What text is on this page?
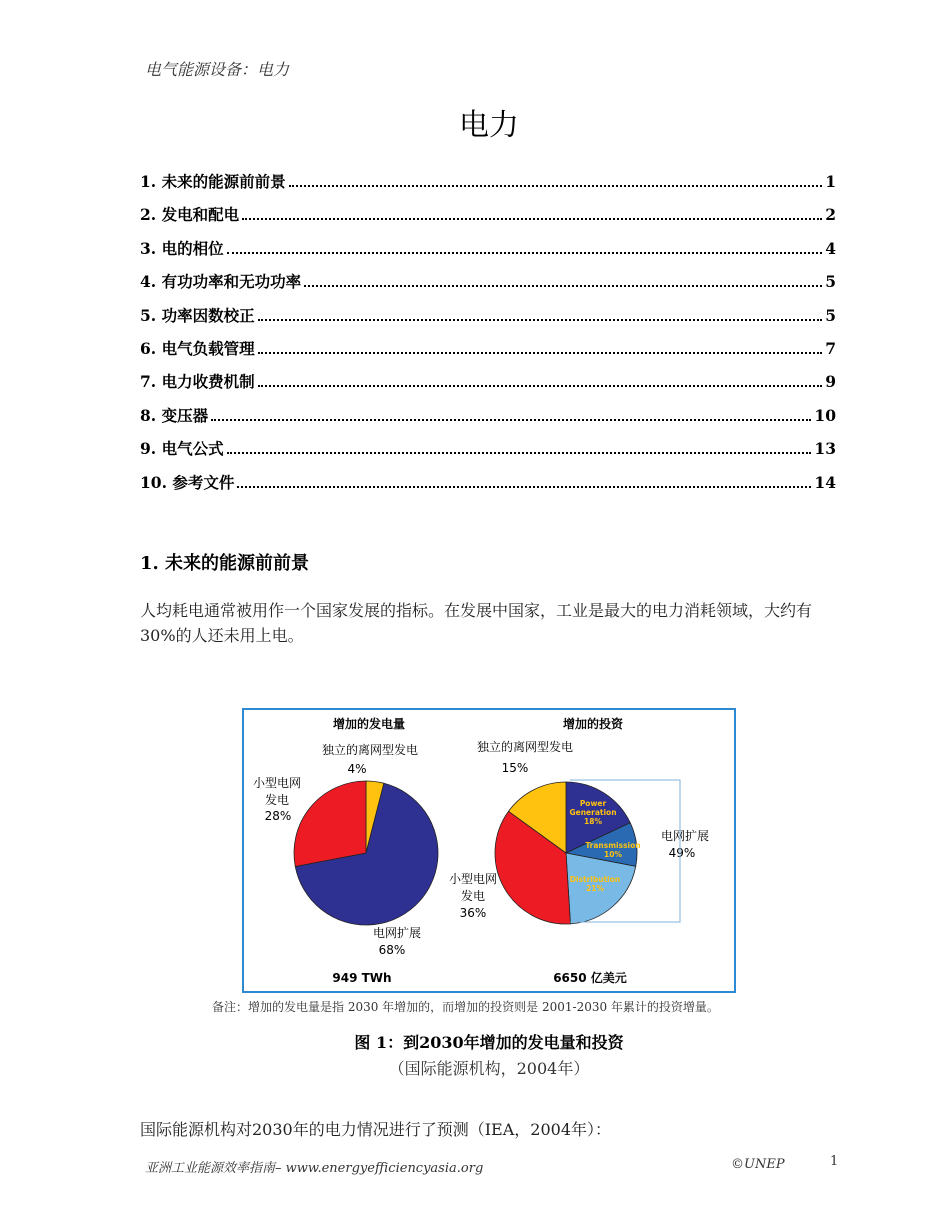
电气能源设备：电力
电力
1. 未来的能源前前景	1
2. 发电和配电	2
3. 电的相位	4
4. 有功功率和无功功率	5
5. 功率因数校正	5
6. 电气负载管理	7
7. 电力收费机制	9
8. 变压器	10
9. 电气公式	13
10. 参考文件	14
1. 未来的能源前前景
人均耗电通常被用作一个国家发展的指标。在发展中国家，工业是最大的电力消耗领域，大约有 30%的人还未用上电。
增加的发电量	增加的投资
独立的离网型发电
4%
小型电网
发电
28%
电网扩展
68%
独立的离网型发电
15%
小型电网
发电
36%
电网扩展
49%
949 TWh	6650 亿美元
Power
Generation
18%
Transmission
10%
Distribution
21%
备注：增加的发电量是指 2030 年增加的，而增加的投资则是 2001-2030 年累计的投资增量。
图 1：到2030年增加的发电量和投资
（国际能源机构，2004年）
国际能源机构对2030年的电力情况进行了预测（IEA，2004年）：
亚洲工业能源效率指南– www.energyefficiencyasia.org	©UNEP	1
